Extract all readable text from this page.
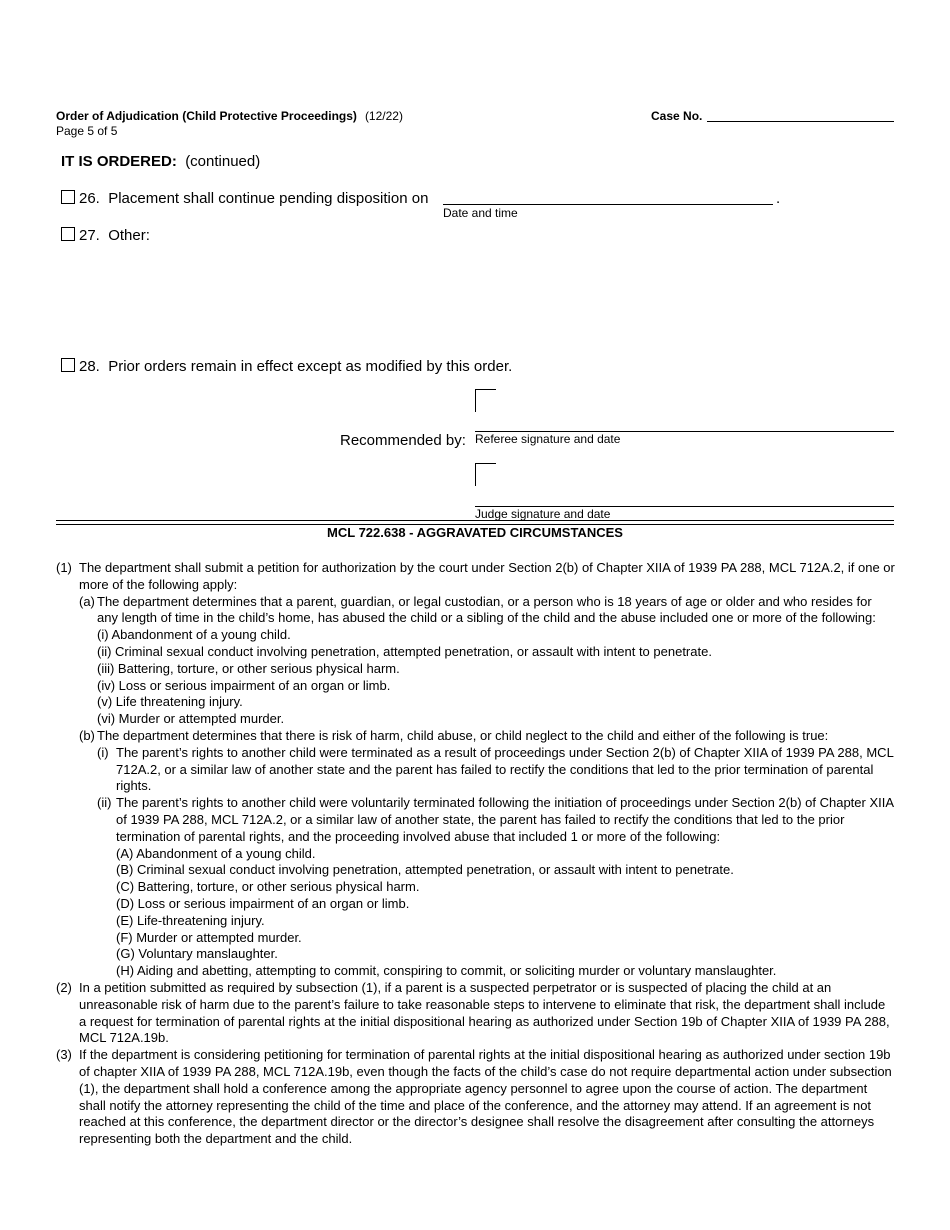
Order of Adjudication (Child Protective Proceedings) (12/22)
Page 5 of 5
Case No.
IT IS ORDERED: (continued)
26. Placement shall continue pending disposition on	.
Date and time
27. Other:
28. Prior orders remain in effect except as modified by this order.
Recommended by: Referee signature and date
Judge signature and date
MCL 722.638 - AGGRAVATED CIRCUMSTANCES
(1) The department shall submit a petition for authorization by the court under Section 2(b) of Chapter XIIA of 1939 PA 288, MCL 712A.2, if one or more of the following apply:
(a) The department determines that a parent, guardian, or legal custodian, or a person who is 18 years of age or older and who resides for any length of time in the child’s home, has abused the child or a sibling of the child and the abuse included one or more of the following:
(i) Abandonment of a young child.
(ii) Criminal sexual conduct involving penetration, attempted penetration, or assault with intent to penetrate.
(iii) Battering, torture, or other serious physical harm.
(iv) Loss or serious impairment of an organ or limb.
(v) Life threatening injury.
(vi) Murder or attempted murder.
(b) The department determines that there is risk of harm, child abuse, or child neglect to the child and either of the following is true:
(i) The parent’s rights to another child were terminated as a result of proceedings under Section 2(b) of Chapter XIIA of 1939 PA 288, MCL 712A.2, or a similar law of another state and the parent has failed to rectify the conditions that led to the prior termination of parental rights.
(ii) The parent’s rights to another child were voluntarily terminated following the initiation of proceedings under Section 2(b) of Chapter XIIA of 1939 PA 288, MCL 712A.2, or a similar law of another state, the parent has failed to rectify the conditions that led to the prior termination of parental rights, and the proceeding involved abuse that included 1 or more of the following:
(A) Abandonment of a young child.
(B) Criminal sexual conduct involving penetration, attempted penetration, or assault with intent to penetrate.
(C) Battering, torture, or other serious physical harm.
(D) Loss or serious impairment of an organ or limb.
(E) Life-threatening injury.
(F) Murder or attempted murder.
(G) Voluntary manslaughter.
(H) Aiding and abetting, attempting to commit, conspiring to commit, or soliciting murder or voluntary manslaughter.
(2) In a petition submitted as required by subsection (1), if a parent is a suspected perpetrator or is suspected of placing the child at an unreasonable risk of harm due to the parent’s failure to take reasonable steps to intervene to eliminate that risk, the department shall include a request for termination of parental rights at the initial dispositional hearing as authorized under Section 19b of Chapter XIIA of 1939 PA 288, MCL 712A.19b.
(3) If the department is considering petitioning for termination of parental rights at the initial dispositional hearing as authorized under section 19b of chapter XIIA of 1939 PA 288, MCL 712A.19b, even though the facts of the child’s case do not require departmental action under subsection (1), the department shall hold a conference among the appropriate agency personnel to agree upon the course of action. The department shall notify the attorney representing the child of the time and place of the conference, and the attorney may attend. If an agreement is not reached at this conference, the department director or the director’s designee shall resolve the disagreement after consulting the attorneys representing both the department and the child.
